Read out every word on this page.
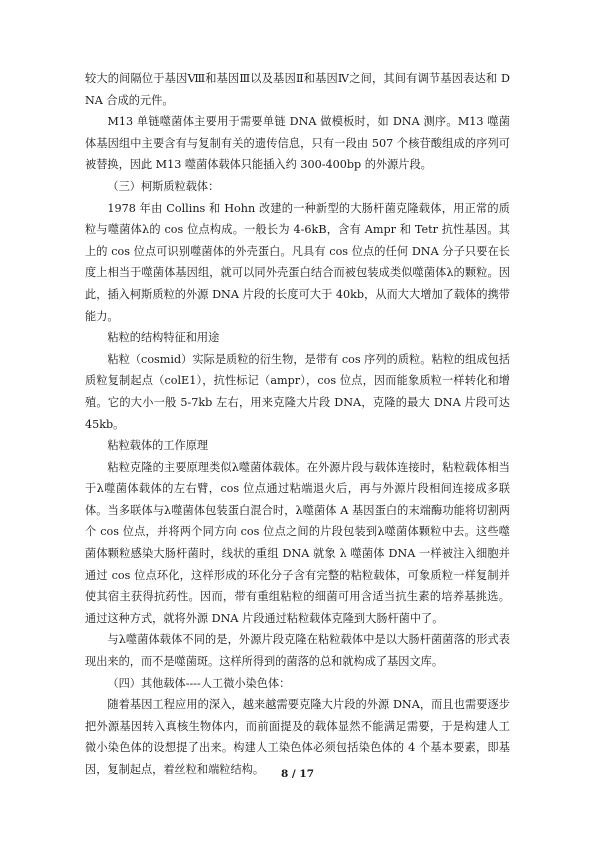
较大的间隔位于基因Ⅷ和基因Ⅲ以及基因Ⅱ和基因Ⅳ之间，其间有调节基因表达和 DNA 合成的元件。

M13 单链噬菌体主要用于需要单链 DNA 做模板时，如 DNA 测序。M13 噬菌体基因组中主要含有与复制有关的遗传信息，只有一段由 507 个核苷酸组成的序列可被替换，因此 M13 噬菌体载体只能插入约 300-400bp 的外源片段。

（三）柯斯质粒载体：

1978 年由 Collins 和 Hohn 改建的一种新型的大肠杆菌克隆载体，用正常的质粒与噬菌体λ的 cos 位点构成。一般长为 4-6kB，含有 Ampr 和 Tetr 抗性基因。其上的 cos 位点可识别噬菌体的外壳蛋白。凡具有 cos 位点的任何 DNA 分子只要在长度上相当于噬菌体基因组，就可以同外壳蛋白结合而被包装成类似噬菌体λ的颗粒。因此，插入柯斯质粒的外源 DNA 片段的长度可大于 40kb，从而大大增加了载体的携带能力。

粘粒的结构特征和用途

粘粒（cosmid）实际是质粒的衍生物，是带有 cos 序列的质粒。粘粒的组成包括质粒复制起点（colE1），抗性标记（ampr），cos 位点，因而能象质粒一样转化和增殖。它的大小一般 5-7kb 左右，用来克隆大片段 DNA，克隆的最大 DNA 片段可达 45kb。

粘粒载体的工作原理

粘粒克隆的主要原理类似λ噬菌体载体。在外源片段与载体连接时，粘粒载体相当于λ噬菌体载体的左右臂，cos 位点通过粘端退火后，再与外源片段相间连接成多联体。当多联体与λ噬菌体包装蛋白混合时，λ噬菌体 A 基因蛋白的末端酶功能将切割两个 cos 位点，并将两个同方向 cos 位点之间的片段包装到λ噬菌体颗粒中去。这些噬菌体颗粒感染大肠杆菌时，线状的重组 DNA 就象 λ 噬菌体 DNA 一样被注入细胞并通过 cos 位点环化，这样形成的环化分子含有完整的粘粒载体，可象质粒一样复制并使其宿主获得抗药性。因而，带有重组粘粒的细菌可用含适当抗生素的培养基挑选。通过这种方式，就将外源 DNA 片段通过粘粒载体克隆到大肠杆菌中了。

与λ噬菌体载体不同的是，外源片段克隆在粘粒载体中是以大肠杆菌菌落的形式表现出来的，而不是噬菌斑。这样所得到的菌落的总和就构成了基因文库。

（四）其他载体----人工微小染色体：

随着基因工程应用的深入，越来越需要克隆大片段的外源 DNA，而且也需要逐步把外源基因转入真核生物体内，而前面提及的载体显然不能满足需要，于是构建人工微小染色体的设想提了出来。构建人工染色体必须包括染色体的 4 个基本要素，即基因，复制起点，着丝粒和端粒结构。	8 / 17
